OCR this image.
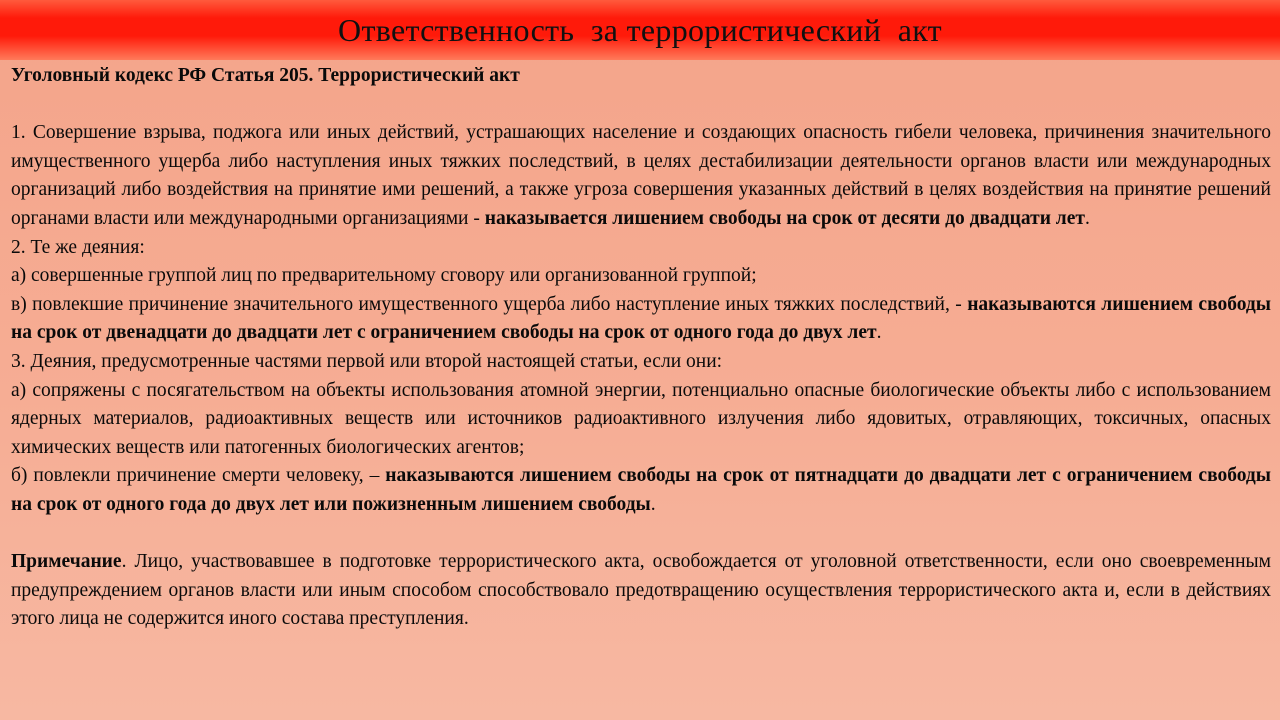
Ответственность  за террористический  акт

Уголовный кодекс РФ Статья 205. Террористический акт

1. Совершение взрыва, поджога или иных действий, устрашающих население и создающих опасность гибели человека, причинения значительного имущественного ущерба либо наступления иных тяжких последствий, в целях дестабилизации деятельности органов власти или международных организаций либо воздействия на принятие ими решений, а также угроза совершения указанных действий в целях воздействия на принятие решений органами власти или международными организациями - наказывается лишением свободы на срок от десяти до двадцати лет.

2. Те же деяния:

а) совершенные группой лиц по предварительному сговору или организованной группой;

в) повлекшие причинение значительного имущественного ущерба либо наступление иных тяжких последствий, - наказываются лишением свободы на срок от двенадцати до двадцати лет с ограничением свободы на срок от одного года до двух лет.

3. Деяния, предусмотренные частями первой или второй настоящей статьи, если они:

а) сопряжены с посягательством на объекты использования атомной энергии, потенциально опасные биологические объекты либо с использованием ядерных материалов, радиоактивных веществ или источников радиоактивного излучения либо ядовитых, отравляющих, токсичных, опасных химических веществ или патогенных биологических агентов;

б) повлекли причинение смерти человеку, – наказываются лишением свободы на срок от пятнадцати до двадцати лет с ограничением свободы на срок от одного года до двух лет или пожизненным лишением свободы.

Примечание. Лицо, участвовавшее в подготовке террористического акта, освобождается от уголовной ответственности, если оно своевременным предупреждением органов власти или иным способом способствовало предотвращению осуществления террористического акта и, если в действиях этого лица не содержится иного состава преступления.
